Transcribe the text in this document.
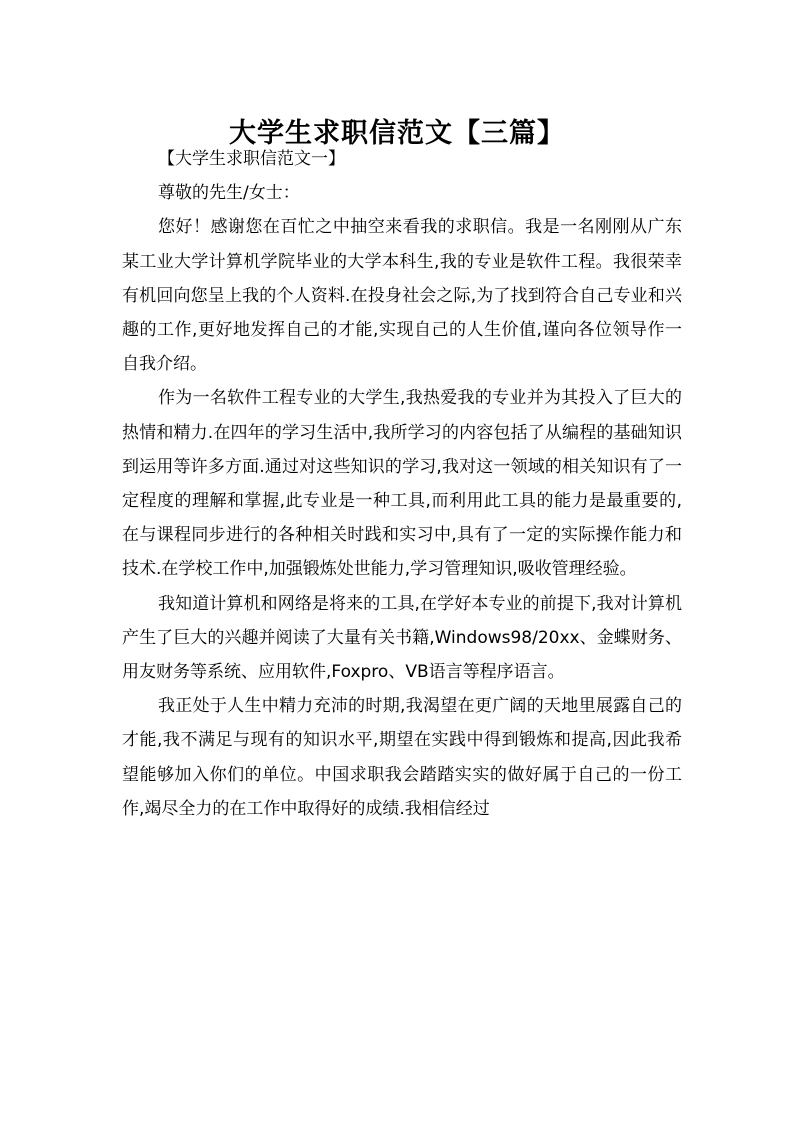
大学生求职信范文【三篇】

【大学生求职信范文一】

尊敬的先生/女士：

您好！感谢您在百忙之中抽空来看我的求职信。我是一名刚刚从广东某工业大学计算机学院毕业的大学本科生,我的专业是软件工程。我很荣幸有机回向您呈上我的个人资料.在投身社会之际,为了找到符合自己专业和兴趣的工作,更好地发挥自己的才能,实现自己的人生价值,谨向各位领导作一自我介绍。

作为一名软件工程专业的大学生,我热爱我的专业并为其投入了巨大的热情和精力.在四年的学习生活中,我所学习的内容包括了从编程的基础知识到运用等许多方面.通过对这些知识的学习,我对这一领域的相关知识有了一定程度的理解和掌握,此专业是一种工具,而利用此工具的能力是最重要的,在与课程同步进行的各种相关时践和实习中,具有了一定的实际操作能力和技术.在学校工作中,加强锻炼处世能力,学习管理知识,吸收管理经验。

我知道计算机和网络是将来的工具,在学好本专业的前提下,我对计算机产生了巨大的兴趣并阅读了大量有关书籍,Windows98/20xx、金蝶财务、用友财务等系统、应用软件,Foxpro、VB语言等程序语言。

我正处于人生中精力充沛的时期,我渴望在更广阔的天地里展露自己的才能,我不满足与现有的知识水平,期望在实践中得到锻炼和提高,因此我希望能够加入你们的单位。中国求职我会踏踏实实的做好属于自己的一份工作,竭尽全力的在工作中取得好的成绩.我相信经过
